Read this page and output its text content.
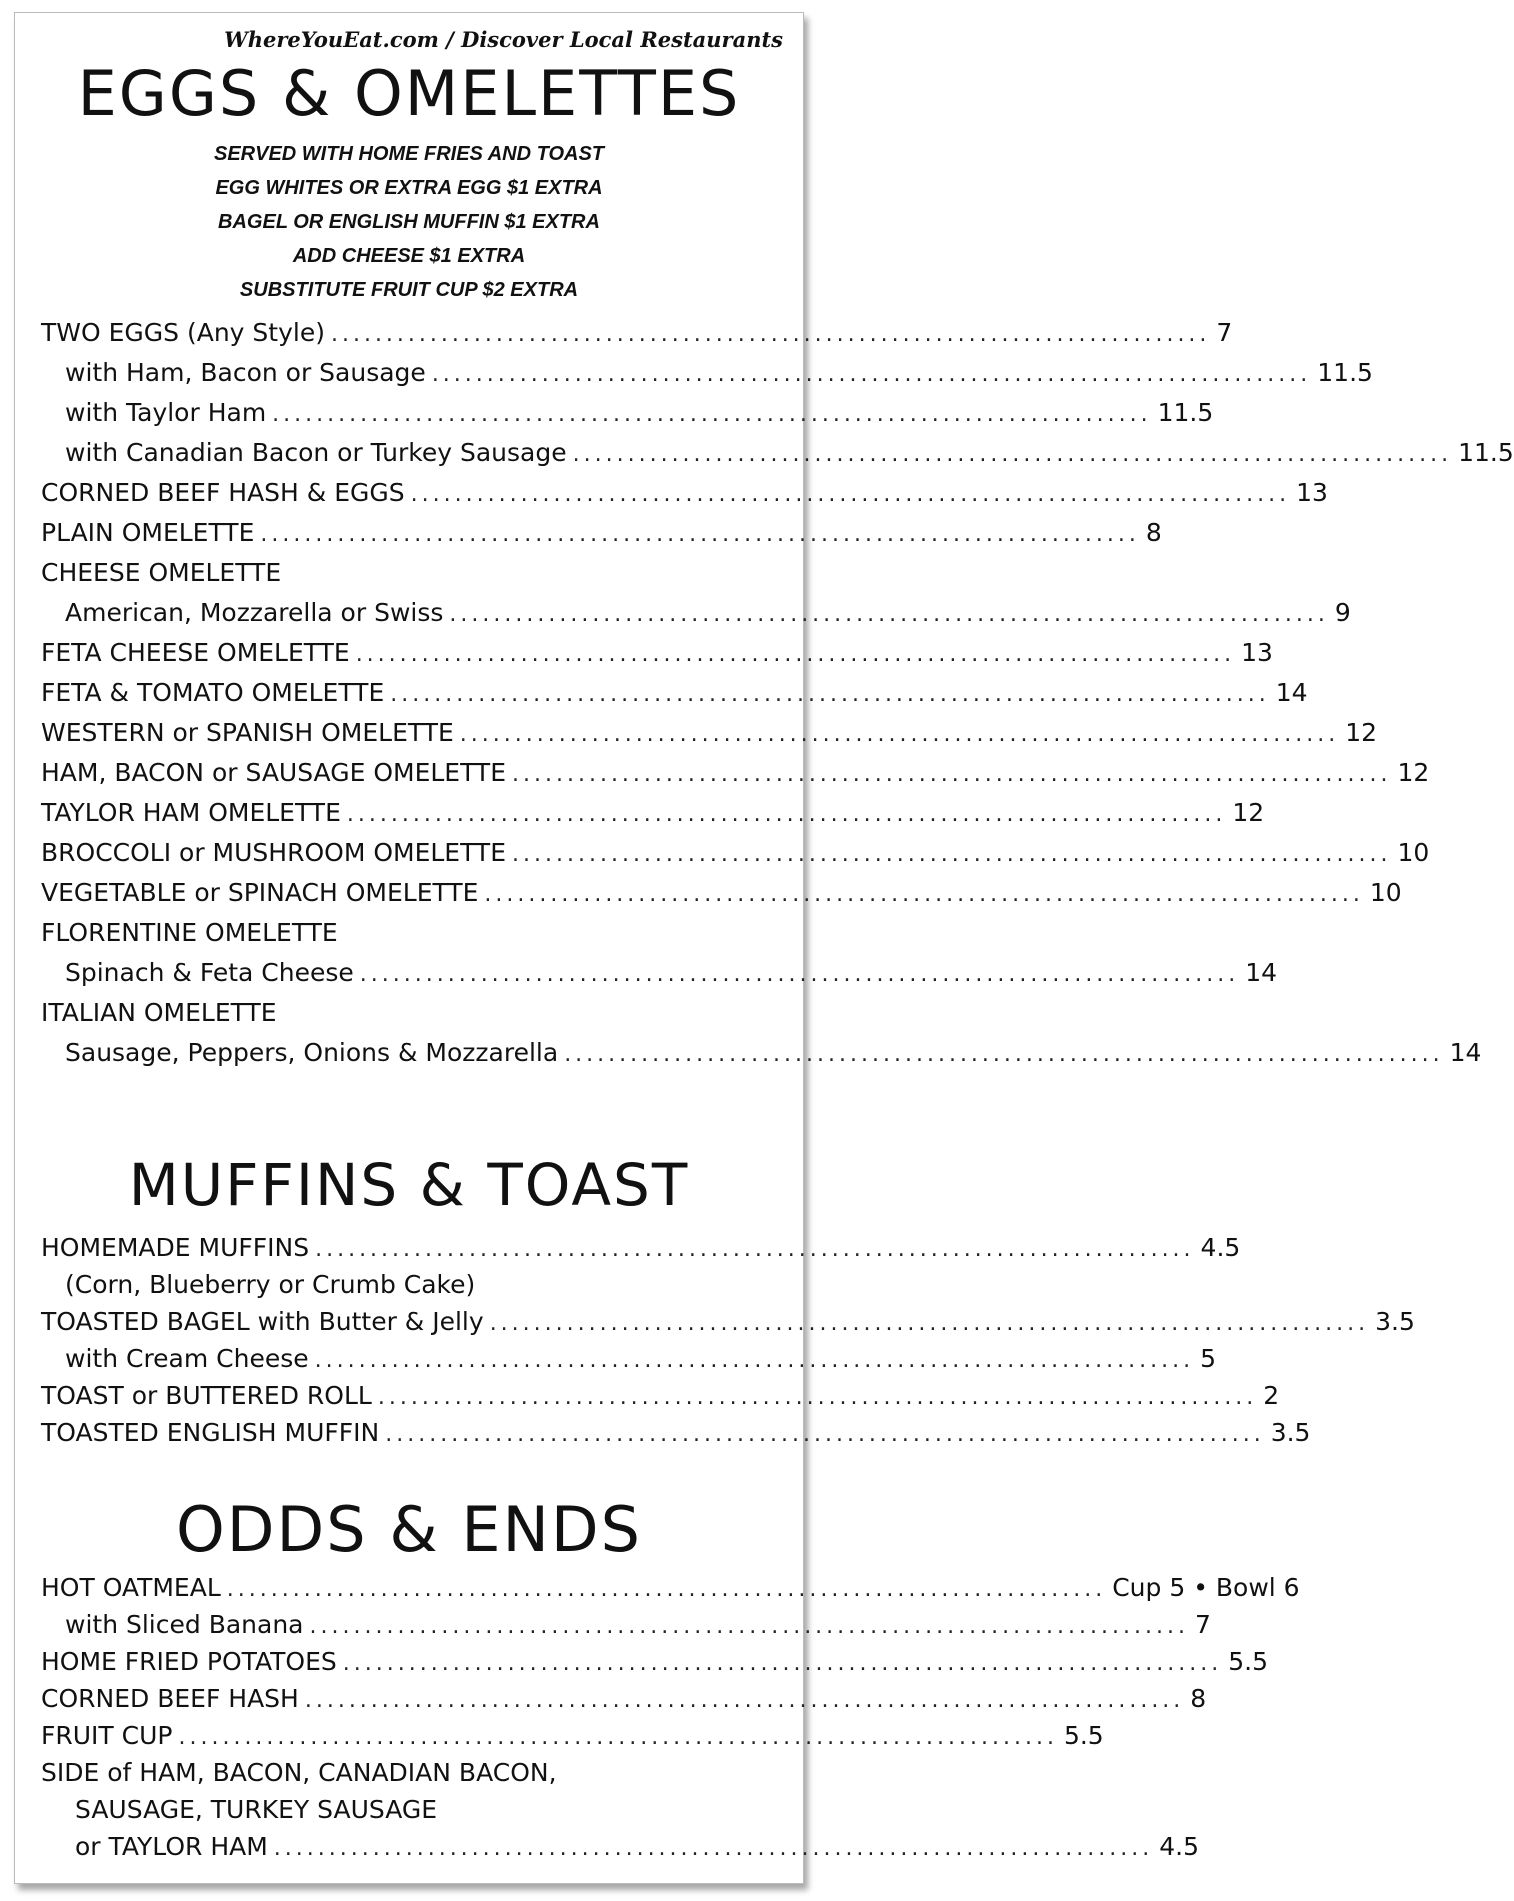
WhereYouEat.com / Discover Local Restaurants
EGGS & OMELETTES
SERVED WITH HOME FRIES AND TOAST
EGG WHITES OR EXTRA EGG $1 EXTRA
BAGEL OR ENGLISH MUFFIN $1 EXTRA
ADD CHEESE $1 EXTRA
SUBSTITUTE FRUIT CUP $2 EXTRA
TWO EGGS (Any Style) ................................................................................ 7
with Ham, Bacon or Sausage ................................................................................ 11.5
with Taylor Ham ................................................................................ 11.5
with Canadian Bacon or Turkey Sausage ................................................................................ 11.5
CORNED BEEF HASH & EGGS ................................................................................ 13
PLAIN OMELETTE ................................................................................ 8
CHEESE OMELETTE
American, Mozzarella or Swiss ................................................................................ 9
FETA CHEESE OMELETTE ................................................................................ 13
FETA & TOMATO OMELETTE ................................................................................ 14
WESTERN or SPANISH OMELETTE ................................................................................ 12
HAM, BACON or SAUSAGE OMELETTE ................................................................................ 12
TAYLOR HAM OMELETTE ................................................................................ 12
BROCCOLI or MUSHROOM OMELETTE ................................................................................ 10
VEGETABLE or SPINACH OMELETTE ................................................................................ 10
FLORENTINE OMELETTE
Spinach & Feta Cheese ................................................................................ 14
ITALIAN OMELETTE
Sausage, Peppers, Onions & Mozzarella ................................................................................ 14
MUFFINS & TOAST
HOMEMADE MUFFINS ................................................................................ 4.5
(Corn, Blueberry or Crumb Cake)
TOASTED BAGEL with Butter & Jelly ................................................................................ 3.5
with Cream Cheese ................................................................................ 5
TOAST or BUTTERED ROLL ................................................................................ 2
TOASTED ENGLISH MUFFIN ................................................................................ 3.5
ODDS & ENDS
HOT OATMEAL ................................................................................ Cup 5 • Bowl 6
with Sliced Banana ................................................................................ 7
HOME FRIED POTATOES ................................................................................ 5.5
CORNED BEEF HASH ................................................................................ 8
FRUIT CUP ................................................................................ 5.5
SIDE of HAM, BACON, CANADIAN BACON,
SAUSAGE, TURKEY SAUSAGE
or TAYLOR HAM ................................................................................ 4.5
